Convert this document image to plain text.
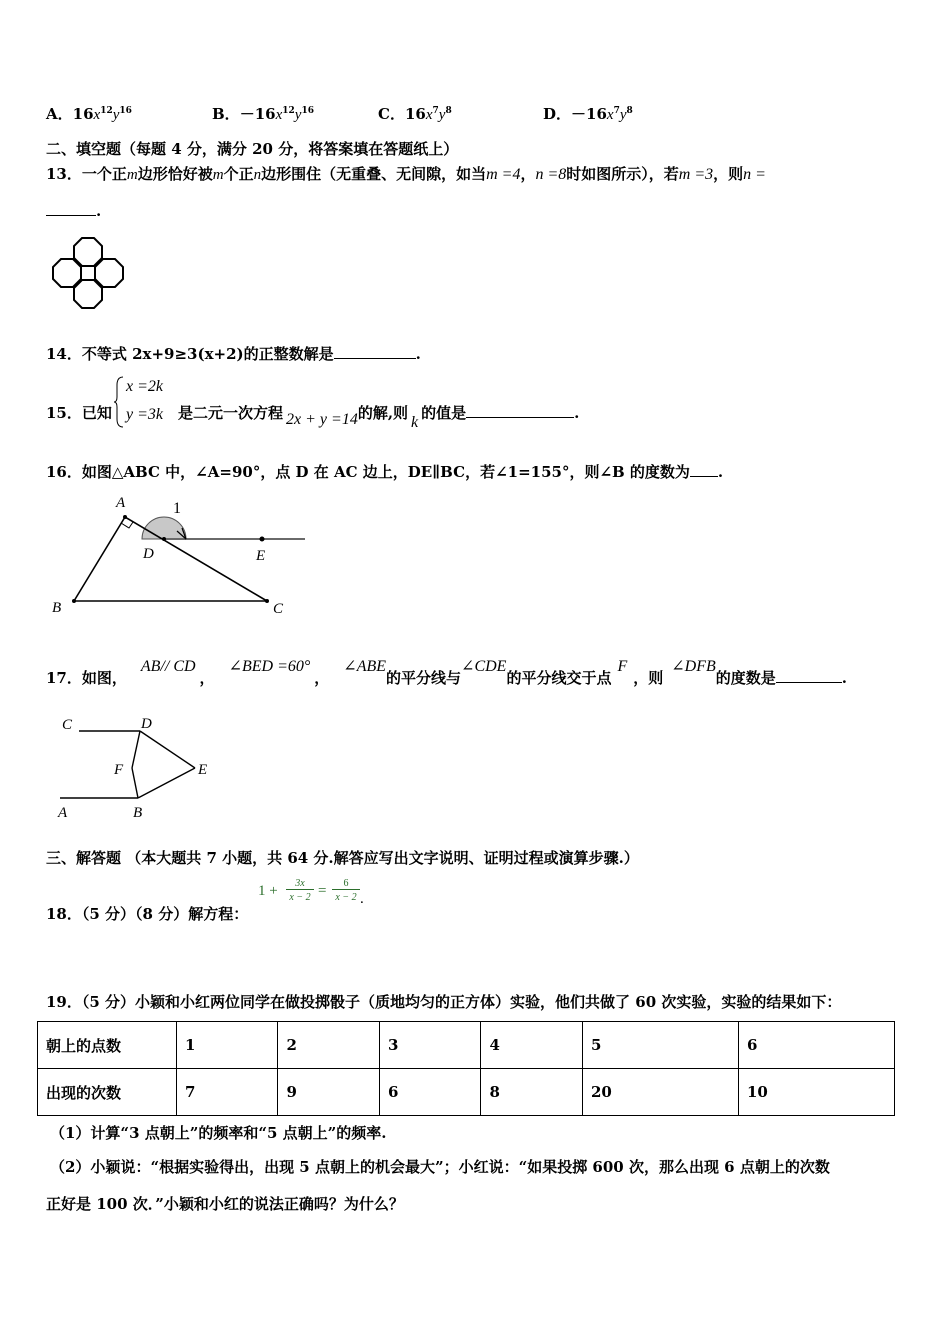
A．$16x^{12}y^{16}$	B．$-16x^{12}y^{16}$	C．$16x^7y^8$	D．$-16x^7y^8$
二、填空题（每题 4 分，满分 20 分，将答案填在答题纸上）
13．一个正m边形恰好被m个正n边形围住（无重叠、无间隙，如当m =4，n =8时如图所示），若m =3，则n =
.
14．不等式 2x+9≥3(x+2)的正整数解是	.
15．已知
x =2k
y =3k 是二元一次方程 2x + y =14的解,则k的值是	.
16．如图△ABC 中，∠A=90°，点 D 在 AC 边上，DE∥BC，若∠1=155°，则∠B 的度数为 .
A	1
D	E
B	C
17．如图，AB// CD，∠BED =60°，∠ABE的平分线与∠CDE的平分线交于点F，则∠DFB的度数是	.
C	D
F	E
A	B
三、解答题 （本大题共 7 小题，共 64 分.解答应写出文字说明、证明过程或演算步骤.）
18．（5 分）（8 分）解方程：
1 +	3x
x − 2 =	6
x − 2 .
19．（5 分）小颖和小红两位同学在做投掷骰子（质地均匀的正方体）实验，他们共做了 60 次实验，实验的结果如下：
朝上的点数	1	2	3	4	5	6
出现的次数	7	9	6	8	20	10
（1）计算“3 点朝上”的频率和“5 点朝上”的频率.
（2）小颖说：“根据实验得出，出现 5 点朝上的机会最大”；小红说：“如果投掷 600 次，那么出现 6 点朝上的次数
正好是 100 次．”小颖和小红的说法正确吗？为什么？
